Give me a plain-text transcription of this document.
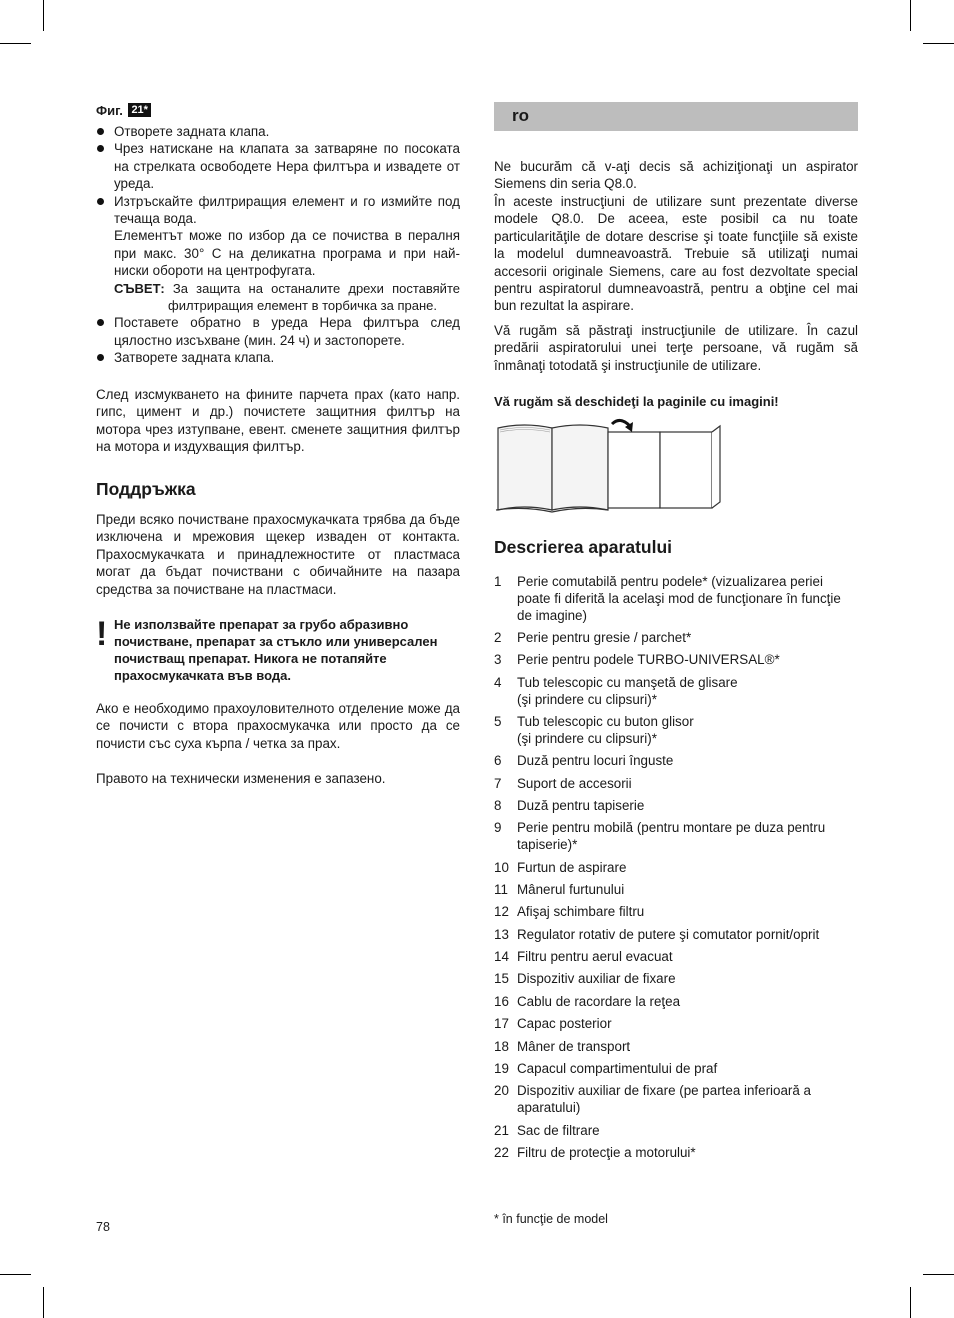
Фиг. 21*
Отворете задната клапа.
Чрез натискане на клапата за затваряне по посоката на стрелката освободете Hepa филтъра и извадете от уреда.
Изтръскайте филтриращия елемент и го измийте под течаща вода.
Елементът може по избор да се почиства в перaлня при макс. 30° С на деликатна програма и при най-ниски обороти на центрофугата.
СЪВЕТ: За защита на останалите дрехи поставяйте филтриращия елемент в торбичка за пране.
Поставете обратно в уреда Hepa филтъра след цялостно изсъхване (мин. 24 ч) и застопорете.
Затворете задната клапа.

След изсмукването на фините парчета прах (като напр. гипс, цимент и др.) почистете защитния филтър на мотора чрез изтупване, евент. сменете защитния филтър на мотора и издухващия филтър.

Поддръжка

Преди всяко почистване прахосмукачката трябва да бъде изключена и мрежовия щекер изваден от контакта. Прахосмукачката и принадлежностите от пластмаса могат да бъдат почиствани с обичайните на пазара средства за почистване на пластмаси.

! Не използвайте препарат за грубо абразивно почистване, препарат за стъкло или универсален почистващ препарат. Никога не потапяйте прахосмукачката във вода.

Ако е необходимо прахоуловителното отделение може да се почисти с втора прахосмукачка или просто да се почисти със суха кърпа / четка за прах.

Правото на технически изменения е запазено.

ro

Ne bucurăm că v-aţi decis să achiziţionaţi un aspirator Siemens din seria Q8.0.

În aceste instrucţiuni de utilizare sunt prezentate diverse modele Q8.0. De aceea, este posibil ca nu toate particularităţile de dotare descrise şi toate funcţiile să existe la modelul dumneavoastră. Trebuie să utilizaţi numai accesorii originale Siemens, care au fost dezvoltate special pentru aspiratorul dumneavoastră, pentru a obţine cel mai bun rezultat la aspirare.

Vă rugăm să păstraţi instrucţiunile de utilizare. În cazul predării aspiratorului unei terţe persoane, vă rugăm să înmânaţi totodată şi instrucţiunile de utilizare.

Vă rugăm să deschideţi la paginile cu imagini!

Descrierea aparatului
1 Perie comutabilă pentru podele* (vizualizarea periei poate fi diferită la acelaşi mod de funcţionare în funcţie de imagine)
2 Perie pentru gresie / parchet*
3 Perie pentru podele TURBO-UNIVERSAL®*
4 Tub telescopic cu manşetă de glisare
(şi prindere cu clipsuri)*
5 Tub telescopic cu buton glisor
(şi prindere cu clipsuri)*
6 Duză pentru locuri înguste
7 Suport de accesorii
8 Duză pentru tapiserie
9 Perie pentru mobilă (pentru montare pe duza pentru tapiserie)*
10 Furtun de aspirare
11 Mânerul furtunului
12 Afişaj schimbare filtru
13 Regulator rotativ de putere şi comutator pornit/oprit
14 Filtru pentru aerul evacuat
15 Dispozitiv auxiliar de fixare
16 Cablu de racordare la reţea
17 Capac posterior
18 Mâner de transport
19 Capacul compartimentului de praf
20 Dispozitiv auxiliar de fixare (pe partea inferioară a aparatului)
21 Sac de filtrare
22 Filtru de protecţie a motorului*
78
* în funcţie de model
